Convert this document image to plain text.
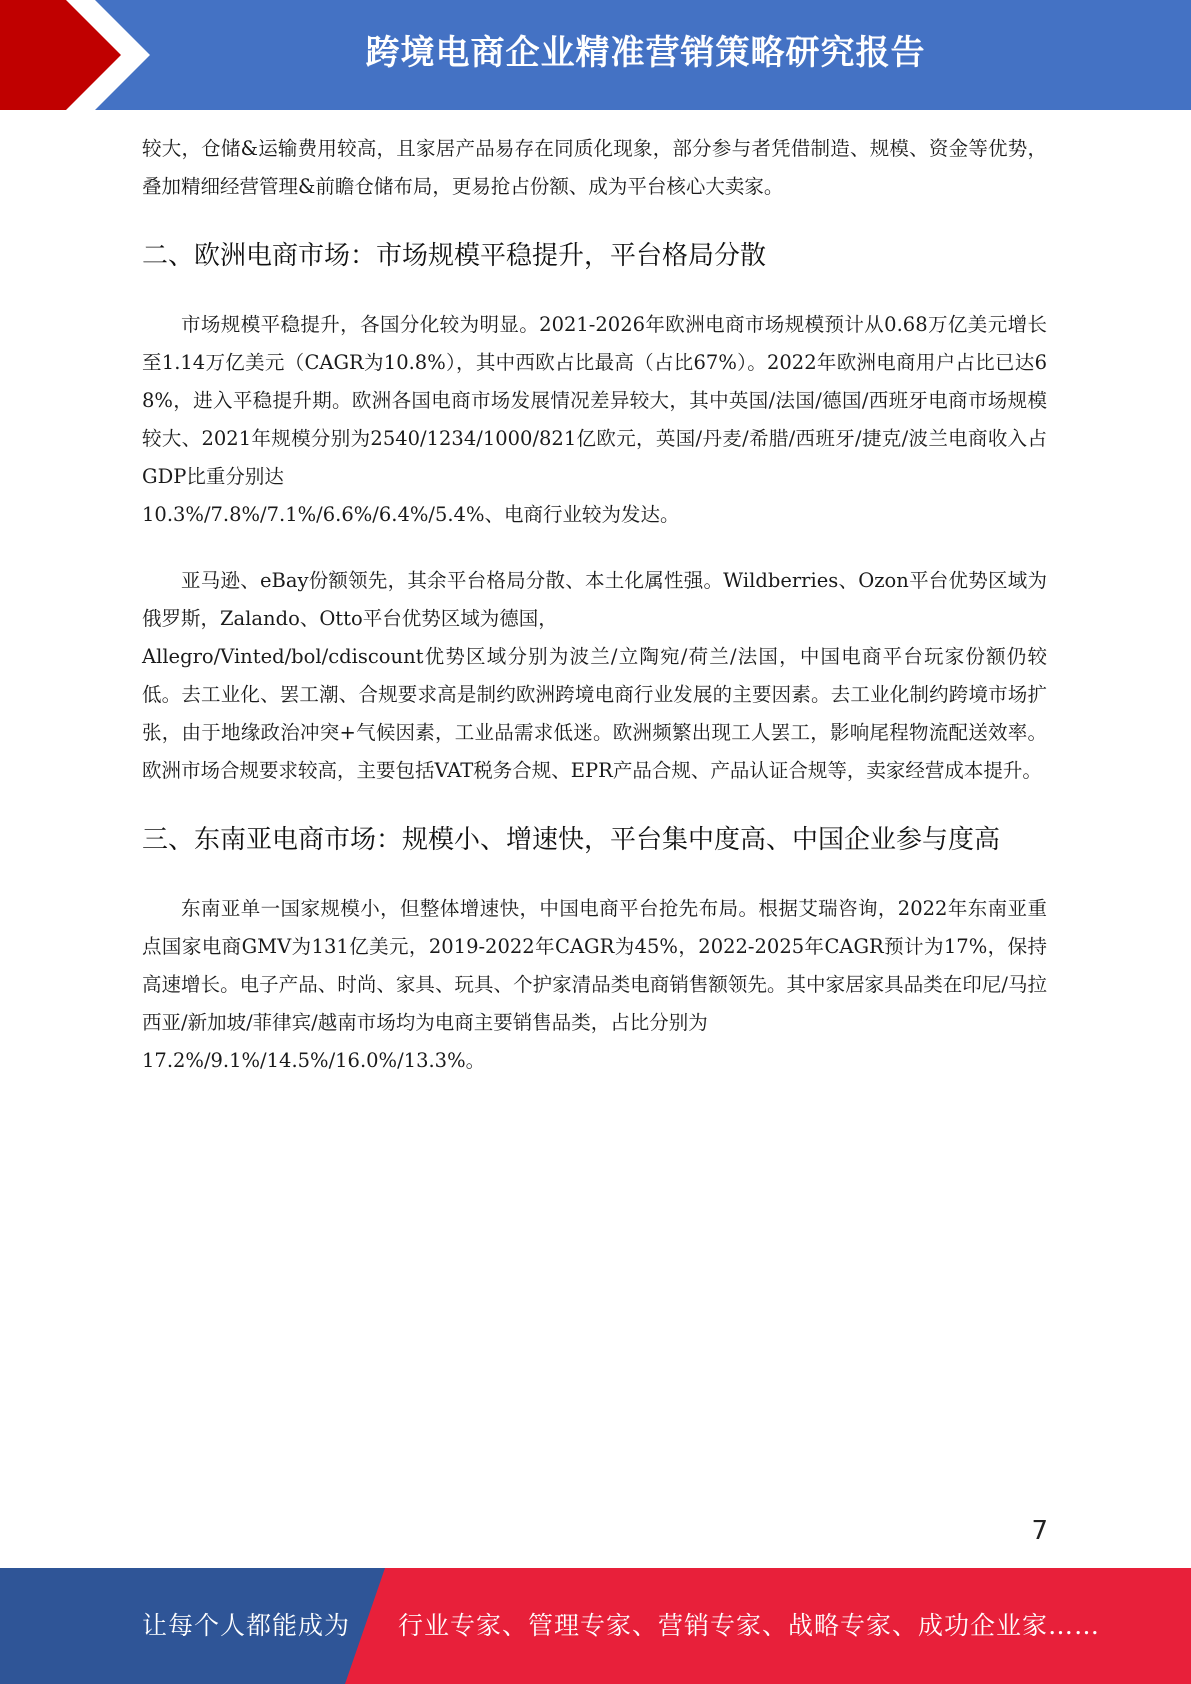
跨境电商企业精准营销策略研究报告

较大，仓储&运输费用较高，且家居产品易存在同质化现象，部分参与者凭借制造、规模、资金等优势，叠加精细经营管理&前瞻仓储布局，更易抢占份额、成为平台核心大卖家。

二、欧洲电商市场：市场规模平稳提升，平台格局分散

市场规模平稳提升，各国分化较为明显。2021-2026年欧洲电商市场规模预计从0.68万亿美元增长至1.14万亿美元（CAGR为10.8%），其中西欧占比最高（占比67%）。2022年欧洲电商用户占比已达68%，进入平稳提升期。欧洲各国电商市场发展情况差异较大，其中英国/法国/德国/西班牙电商市场规模较大、2021年规模分别为2540/1234/1000/821亿欧元，英国/丹麦/希腊/西班牙/捷克/波兰电商收入占GDP比重分别达

10.3%/7.8%/7.1%/6.6%/6.4%/5.4%、电商行业较为发达。

亚马逊、eBay份额领先，其余平台格局分散、本土化属性强。Wildberries、Ozon平台优势区域为俄罗斯，Zalando、Otto平台优势区域为德国，

Allegro/Vinted/bol/cdiscount优势区域分别为波兰/立陶宛/荷兰/法国，中国电商平台玩家份额仍较低。去工业化、罢工潮、合规要求高是制约欧洲跨境电商行业发展的主要因素。去工业化制约跨境市场扩张，由于地缘政治冲突+气候因素，工业品需求低迷。欧洲频繁出现工人罢工，影响尾程物流配送效率。欧洲市场合规要求较高，主要包括VAT税务合规、EPR产品合规、产品认证合规等，卖家经营成本提升。

三、东南亚电商市场：规模小、增速快，平台集中度高、中国企业参与度高

东南亚单一国家规模小，但整体增速快，中国电商平台抢先布局。根据艾瑞咨询，2022年东南亚重点国家电商GMV为131亿美元，2019-2022年CAGR为45%，2022-2025年CAGR预计为17%，保持高速增长。电子产品、时尚、家具、玩具、个护家清品类电商销售额领先。其中家居家具品类在印尼/马拉西亚/新加坡/菲律宾/越南市场均为电商主要销售品类，占比分别为

17.2%/9.1%/14.5%/16.0%/13.3%。

7
让每个人都能成为 行业专家、管理专家、营销专家、战略专家、成功企业家……
